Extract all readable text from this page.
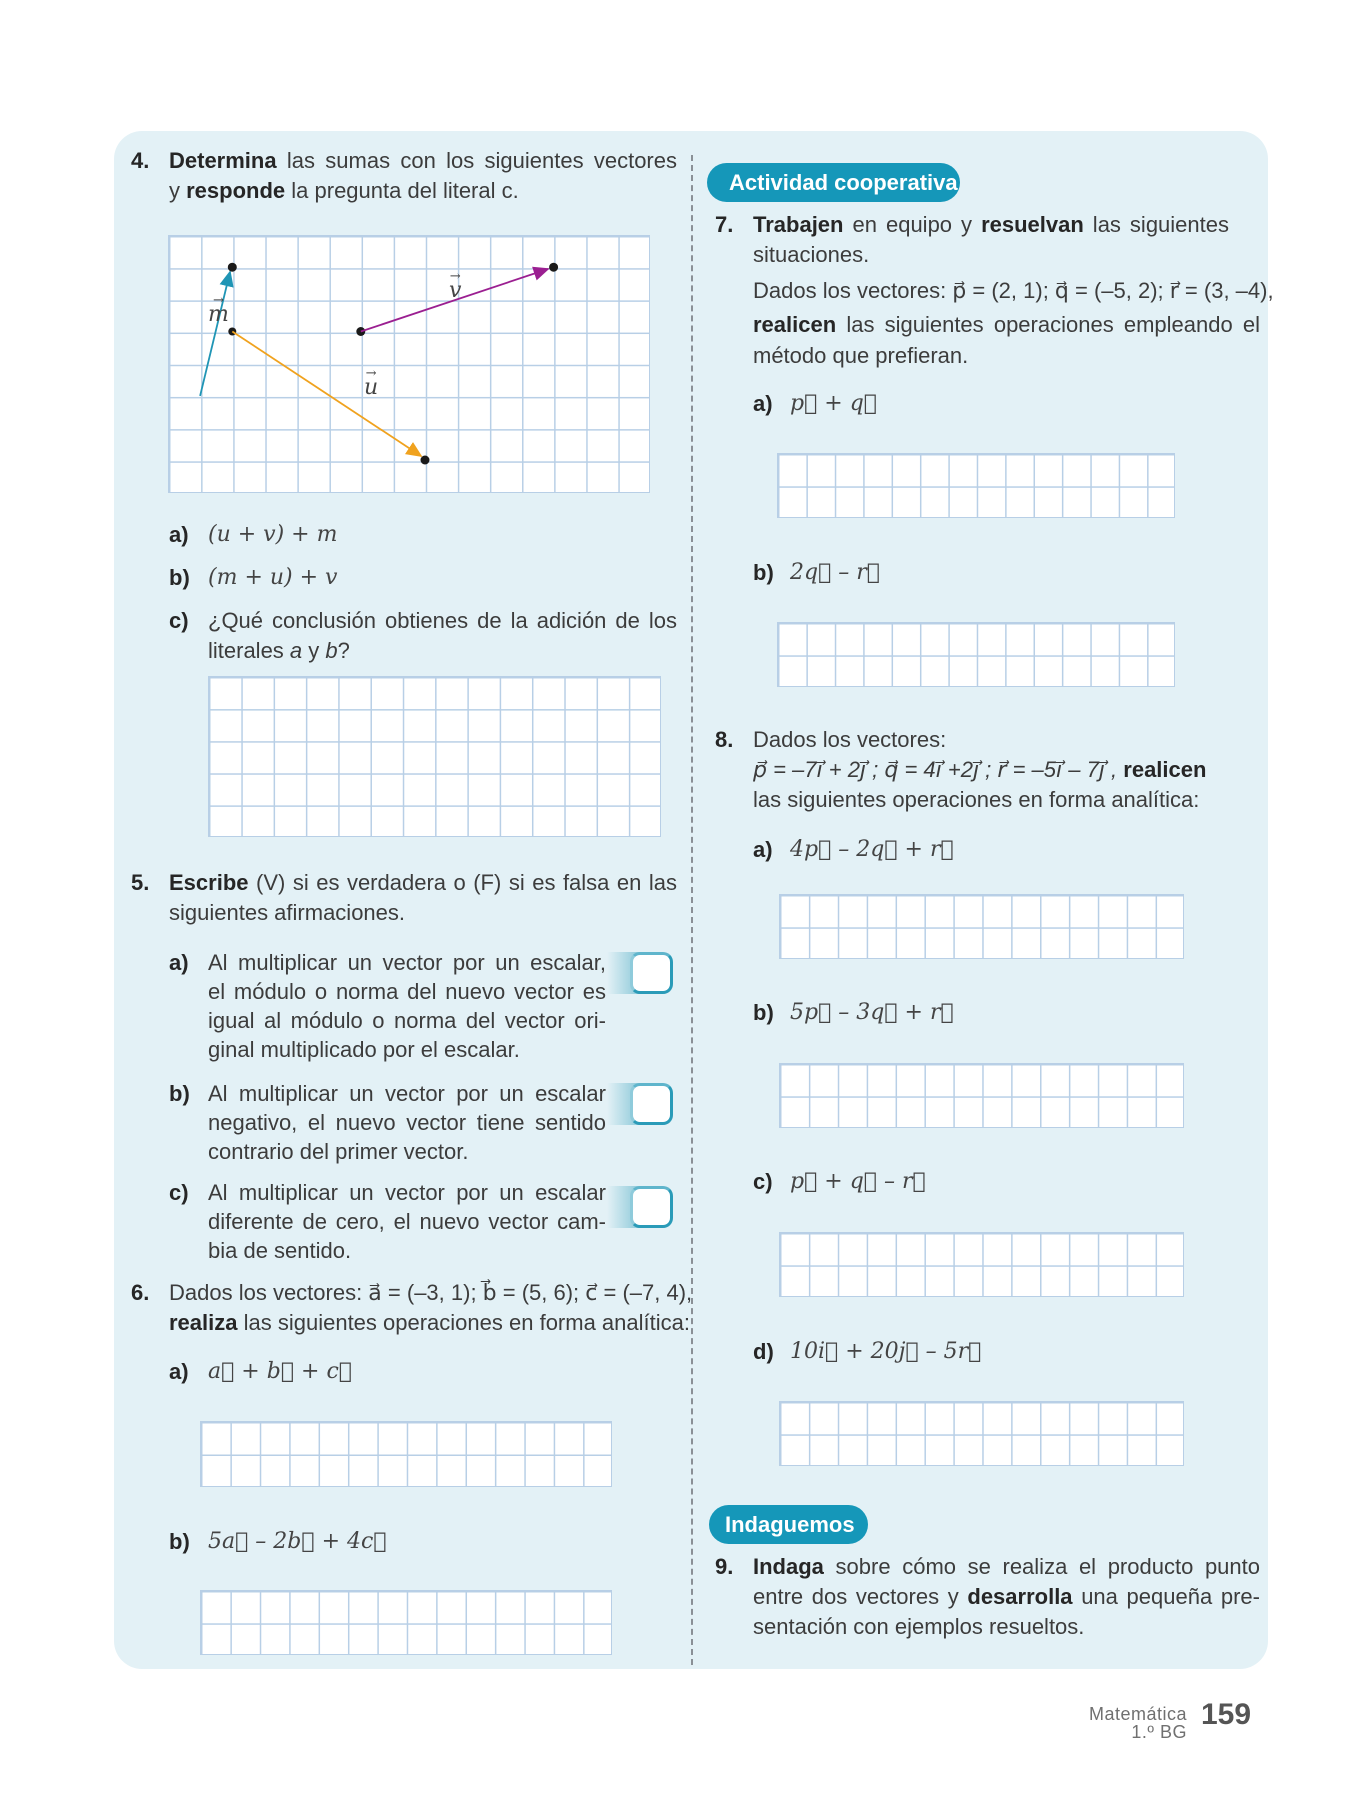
4. Determina las sumas con los siguientes vectores
y responde la pregunta del literal c.
→ m
→ u
→ v
a) (u + v) + m
b) (m + u) + v
c) ¿Qué conclusión obtienes de la adición de los
literales a y b?
5. Escribe (V) si es verdadera o (F) si es falsa en las
siguientes afirmaciones.
a) Al multiplicar un vector por un escalar,
el módulo o norma del nuevo vector es
igual al módulo o norma del vector ori-
ginal multiplicado por el escalar.
b) Al multiplicar un vector por un escalar
negativo, el nuevo vector tiene sentido
contrario del primer vector.
c) Al multiplicar un vector por un escalar
diferente de cero, el nuevo vector cam-
bia de sentido.
6. Dados los vectores: a⃗ = (–3, 1); b⃗ = (5, 6); c⃗ = (–7, 4),
realiza las siguientes operaciones en forma analítica:
a) a⃗ + b⃗ + c⃗
b) 5a⃗ – 2b⃗ + 4c⃗
Actividad cooperativa
7. Trabajen en equipo y resuelvan las siguientes
situaciones.
Dados los vectores: p⃗ = (2, 1); q⃗ = (–5, 2); r⃗ = (3, –4),
realicen las siguientes operaciones empleando el
método que prefieran.
a) p⃗ + q⃗
b) 2q⃗ – r⃗
8. Dados los vectores:
p⃗ = –7i⃗ + 2j⃗ ; q⃗ = 4i⃗ +2j⃗ ; r⃗ = –5i⃗ – 7j⃗ , realicen
las siguientes operaciones en forma analítica:
a) 4p⃗ – 2q⃗ + r⃗
b) 5p⃗ – 3q⃗ + r⃗
c) p⃗ + q⃗ – r⃗
d) 10i⃗ + 20j⃗ – 5r⃗
Indaguemos
9. Indaga sobre cómo se realiza el producto punto
entre dos vectores y desarrolla una pequeña pre-
sentación con ejemplos resueltos.
Matemática
1.º BG
159
